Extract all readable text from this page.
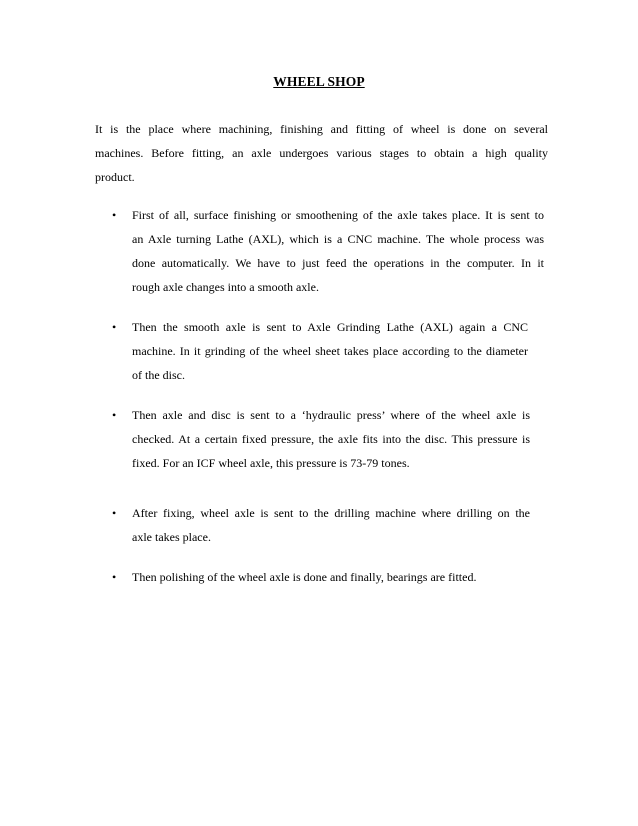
WHEEL SHOP
It is the place where machining, finishing and fitting of wheel is done on several
machines. Before fitting, an axle undergoes various stages to obtain a high quality
product.
• First of all, surface finishing or smoothening of the axle takes place. It is sent to
an Axle turning Lathe (AXL), which is a CNC machine. The whole process was
done automatically. We have to just feed the operations in the computer. In it
rough axle changes into a smooth axle.
• Then the smooth axle is sent to Axle Grinding Lathe (AXL) again a CNC
machine. In it grinding of the wheel sheet takes place according to the diameter
of the disc.
• Then axle and disc is sent to a ‘hydraulic press’ where of the wheel axle is
checked. At a certain fixed pressure, the axle fits into the disc. This pressure is
fixed. For an ICF wheel axle, this pressure is 73-79 tones.
• After fixing, wheel axle is sent to the drilling machine where drilling on the
axle takes place.
• Then polishing of the wheel axle is done and finally, bearings are fitted.
